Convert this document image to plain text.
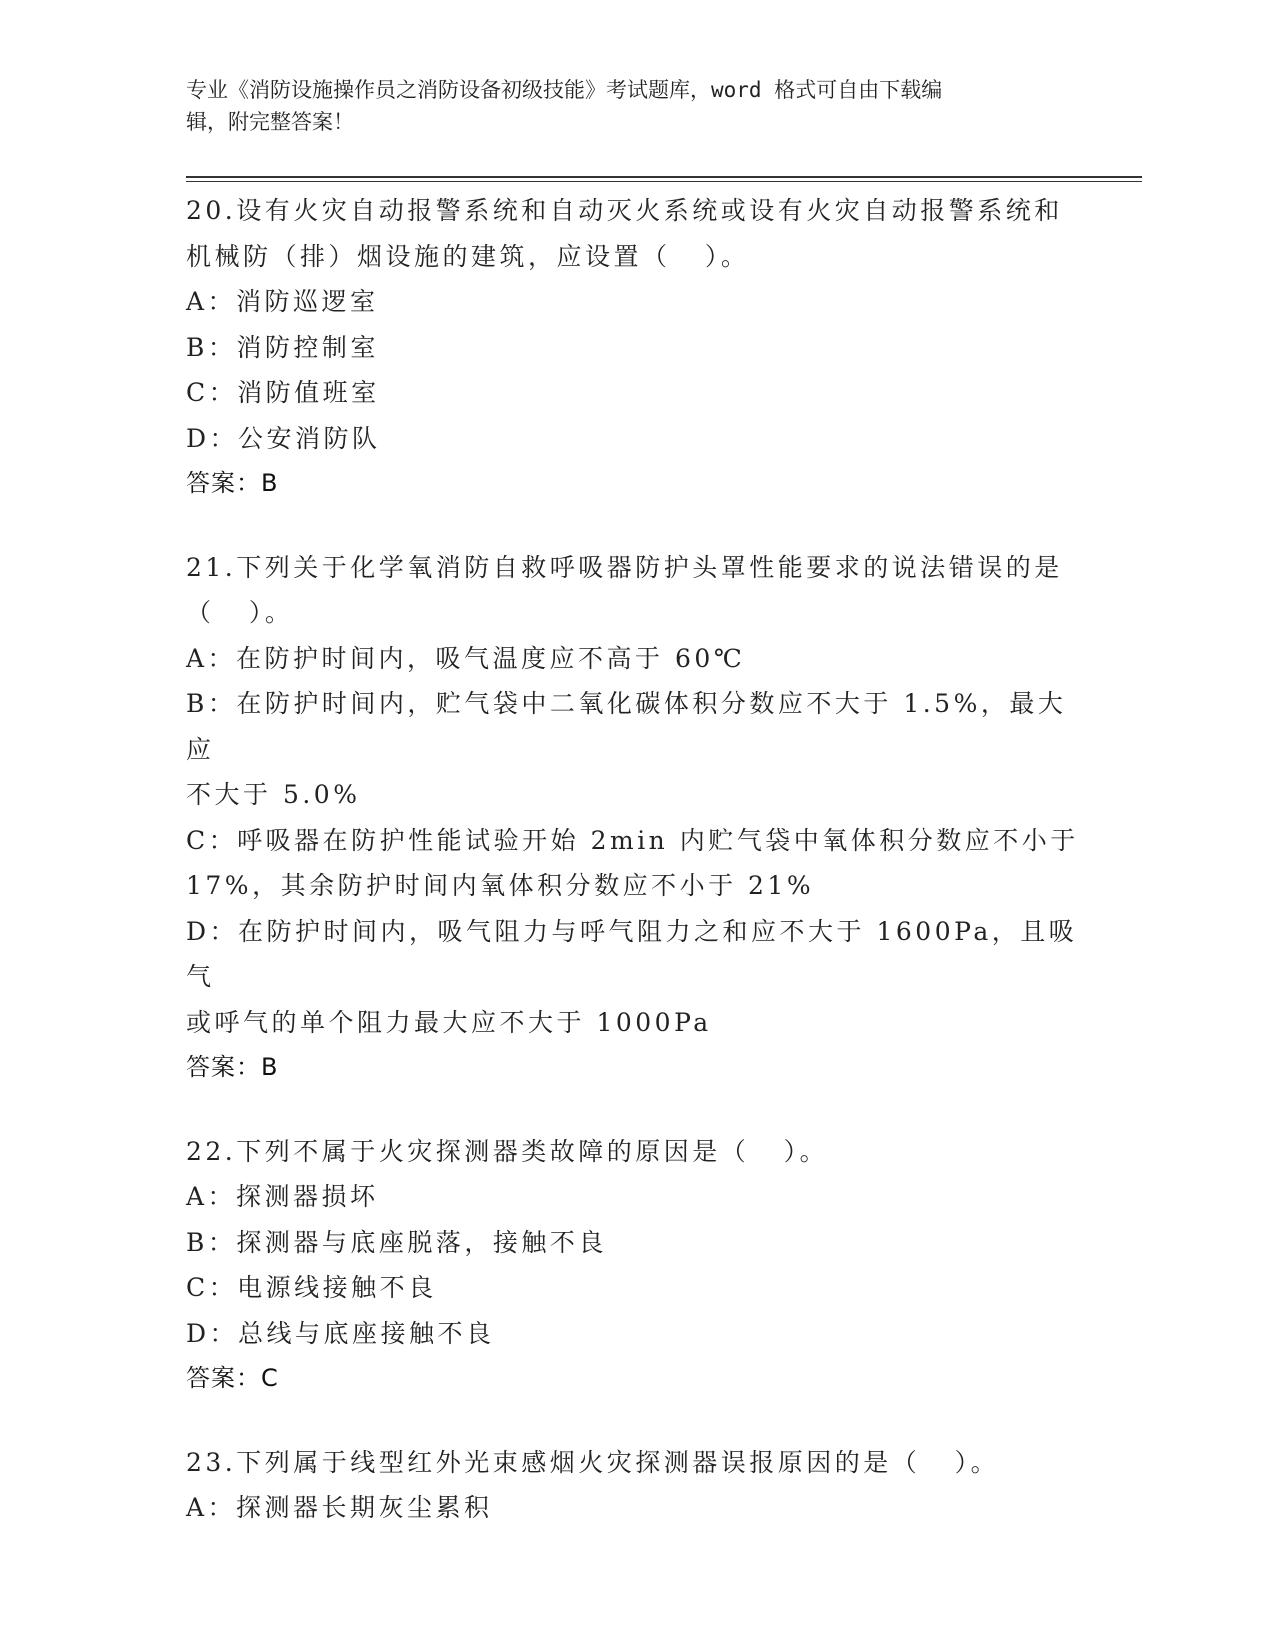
专业《消防设施操作员之消防设备初级技能》考试题库，word 格式可自由下载编
辑，附完整答案！
20.设有火灾自动报警系统和自动灭火系统或设有火灾自动报警系统和
机械防（排）烟设施的建筑，应设置（   ）。
A：消防巡逻室
B：消防控制室
C：消防值班室
D：公安消防队
答案：B
21.下列关于化学氧消防自救呼吸器防护头罩性能要求的说法错误的是
（   ）。
A：在防护时间内，吸气温度应不高于 60℃
B：在防护时间内，贮气袋中二氧化碳体积分数应不大于 1.5%，最大应
不大于 5.0%
C：呼吸器在防护性能试验开始 2min 内贮气袋中氧体积分数应不小于
17%，其余防护时间内氧体积分数应不小于 21%
D：在防护时间内，吸气阻力与呼气阻力之和应不大于 1600Pa，且吸气
或呼气的单个阻力最大应不大于 1000Pa
答案：B
22.下列不属于火灾探测器类故障的原因是（   ）。
A：探测器损坏
B：探测器与底座脱落，接触不良
C：电源线接触不良
D：总线与底座接触不良
答案：C
23.下列属于线型红外光束感烟火灾探测器误报原因的是（   ）。
A：探测器长期灰尘累积
